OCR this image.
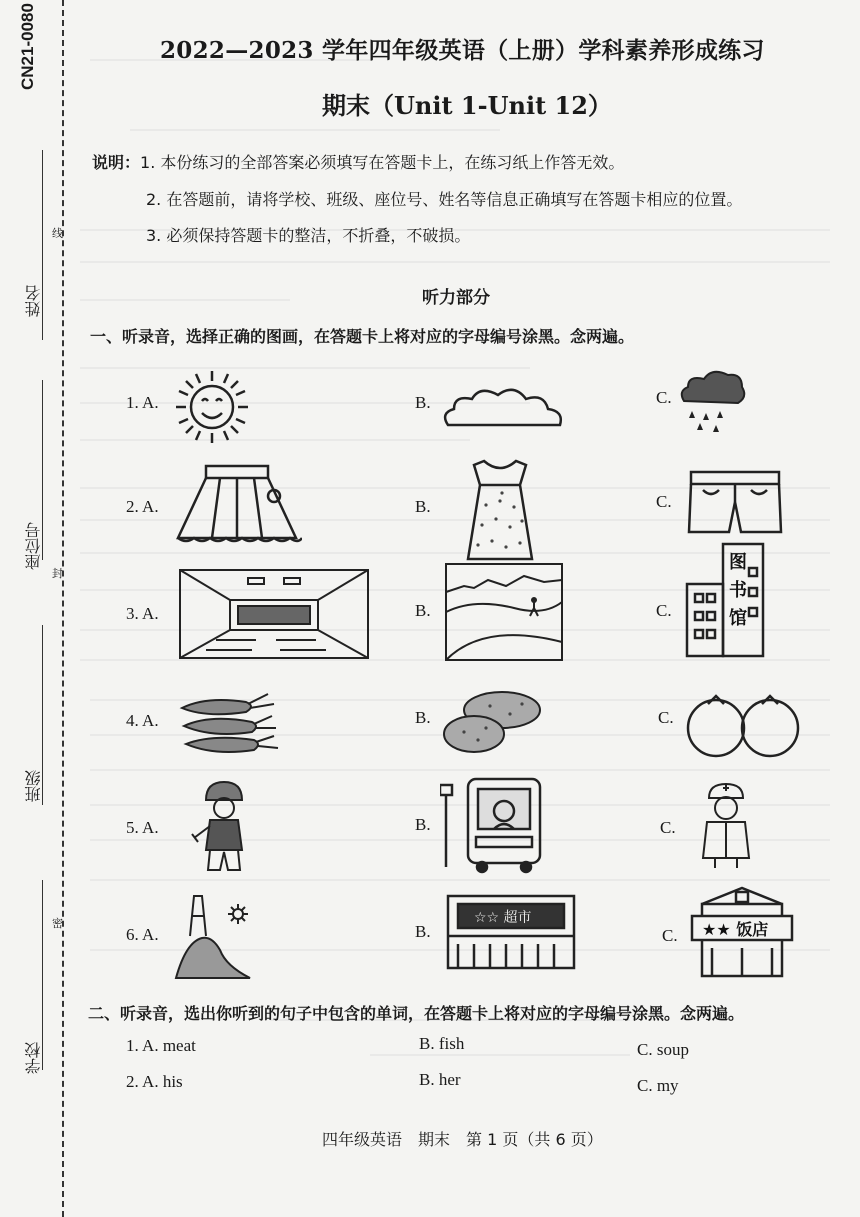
CN21-0080
姓名
线
座位号
封
班级
密
学校
2022—2023 学年四年级英语（上册）学科素养形成练习
期末（Unit 1-Unit 12）
说明：1. 本份练习的全部答案必须填写在答题卡上，在练习纸上作答无效。
2. 在答题前，请将学校、班级、座位号、姓名等信息正确填写在答题卡相应的位置。
3. 必须保持答题卡的整洁，不折叠，不破损。
听力部分
一、听录音，选择正确的图画，在答题卡上将对应的字母编号涂黑。念两遍。
1. A.	B.	C.
2. A.	B.	C.
3. A.	B.	C.
图
书
馆
4. A.	B.	C.
5. A.	B.	C.
6. A.	B.	C.
☆☆ 超市
★★ 饭店
二、听录音，选出你听到的句子中包含的单词，在答题卡上将对应的字母编号涂黑。念两遍。
1. A. meat	B. fish	C. soup
2. A. his	B. her	C. my
四年级英语　期末　第 1 页（共 6 页）
